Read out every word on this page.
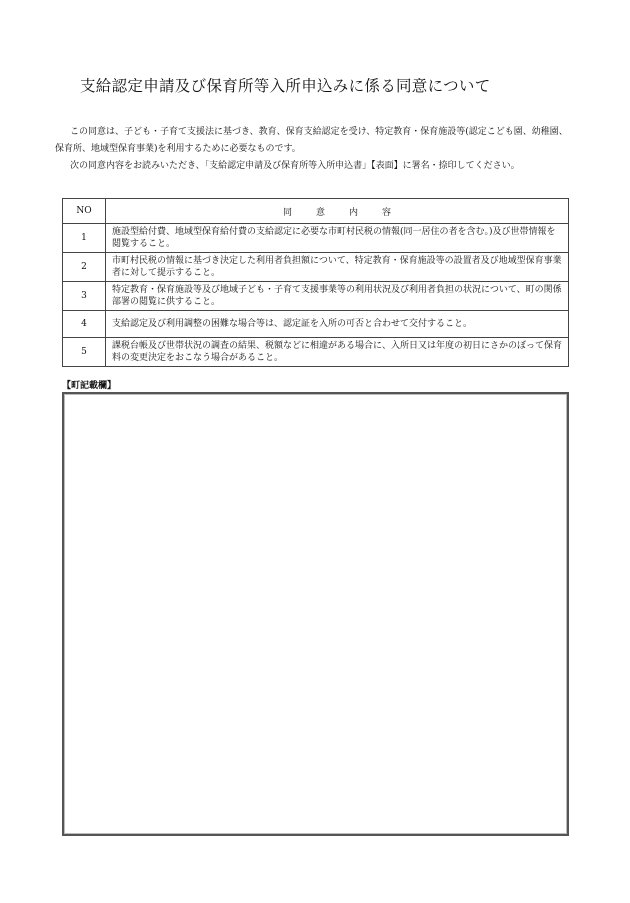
支給認定申請及び保育所等入所申込みに係る同意について

この同意は、子ども・子育て支援法に基づき、教育、保育支給認定を受け、特定教育・保育施設等(認定こども園、幼稚園、保育所、地域型保育事業)を利用するために必要なものです。

次の同意内容をお読みいただき、「支給認定申請及び保育所等入所申込書」【表面】に署名・捺印してください。

NO	同意内容
1	施設型給付費、地域型保育給付費の支給認定に必要な市町村民税の情報(同一居住の者を含む。)及び世帯情報を閲覧すること。
2	市町村民税の情報に基づき決定した利用者負担額について、特定教育・保育施設等の設置者及び地域型保育事業者に対して提示すること。
3	特定教育・保育施設等及び地域子ども・子育て支援事業等の利用状況及び利用者負担の状況について、町の関係部署の閲覧に供すること。
4	支給認定及び利用調整の困難な場合等は、認定証を入所の可否と合わせて交付すること。
5	課税台帳及び世帯状況の調査の結果、税額などに相違がある場合に、入所日又は年度の初日にさかのぼって保育料の変更決定をおこなう場合があること。
【町記載欄】
